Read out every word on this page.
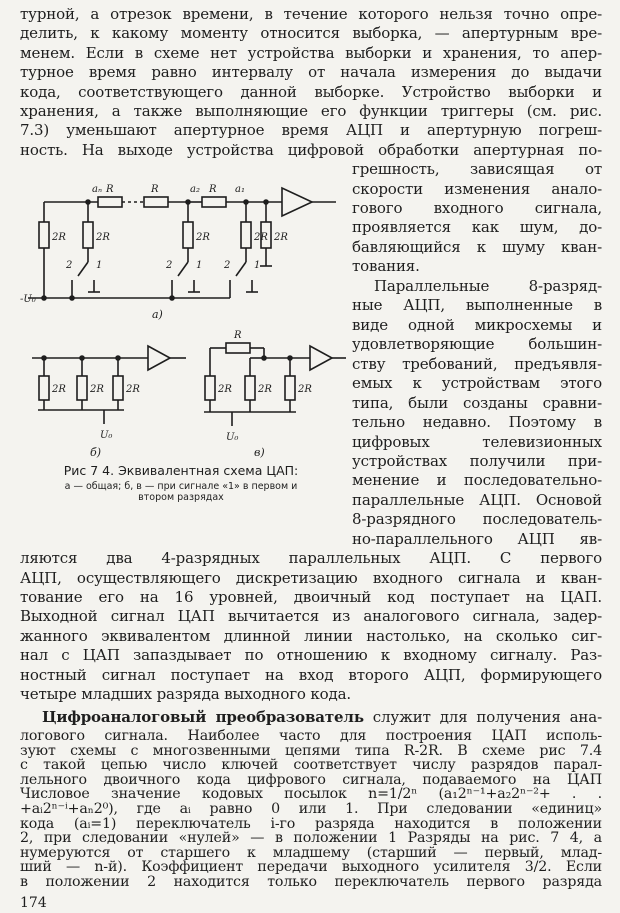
турной, а отрезок времени, в течение которого нельзя точно опре-
делить, к какому моменту относится выборка, — апертурным вре-
менем. Если в схеме нет устройства выборки и хранения, то апер-
турное время равно интервалу от начала измерения до выдачи
кода, соответствующего данной выборке. Устройство выборки и
хранения, а также выполняющие его функции триггеры (см. рис.
7.3) уменьшают апертурное время АЦП и апертурную погреш-
ность. На выходе устройства цифровой обработки апертурная по-
грешность, зависящая от
скорости изменения анало-
гового входного сигнала,
проявляется как шум, до-
бавляющийся к шуму кван-
тования.
Параллельные 8-разряд-
ные АЦП, выполненные в
виде одной микросхемы и
удовлетворяющие большин-
ству требований, предъявля-
емых к устройствам этого
типа, были созданы сравни-
тельно недавно. Поэтому в
цифровых телевизионных
устройствах получили при-
менение и последовательно-
параллельные АЦП. Основой
8-разрядного последователь-
но-параллельного АЦП яв-
aₙ R	R	a₂ R a₁
2R	2R	2R	2R 2R
2 1	2 1 2 1
-U₀
а)
2R 2R 2R
U₀
б)
R
2R	2R	2R
U₀
в)
Рис 7 4. Эквивалентная схема ЦАП:
а — общая; б, в — при сигнале «1» в первом и
втором разрядах
ляются два 4-разрядных параллельных АЦП. С первого
АЦП, осуществляющего дискретизацию входного сигнала и кван-
тование его на 16 уровней, двоичный код поступает на ЦАП.
Выходной сигнал ЦАП вычитается из аналогового сигнала, задер-
жанного эквивалентом длинной линии настолько, на сколько сиг-
нал с ЦАП запаздывает по отношению к входному сигналу. Раз-
ностный сигнал поступает на вход второго АЦП, формирующего
четыре младших разряда выходного кода.
Цифроаналоговый преобразователь служит для получения ана-
логового сигнала. Наиболее часто для построения ЦАП исполь-
зуют схемы с многозвенными цепями типа R-2R. В схеме рис 7.4
с такой цепью число ключей соответствует числу разрядов парал-
лельного двоичного кода цифрового сигнала, подаваемого на ЦАП
Числовое значение кодовых посылок n=1/2ⁿ (a₁2ⁿ⁻¹+a₂2ⁿ⁻²+ . .
+aᵢ2ⁿ⁻ⁱ+aₙ2⁰), где aᵢ равно 0 или 1. При следовании «единиц»
кода (aᵢ=1) переключатель i-го разряда находится в положении
2, при следовании «нулей» — в положении 1 Разряды на рис. 7 4, а
174
нумеруются от старшего к младшему (старший — первый, млад-
ший — n-й). Коэффициент передачи выходного усилителя 3/2. Если
в положении 2 находится только переключатель первого разряда
